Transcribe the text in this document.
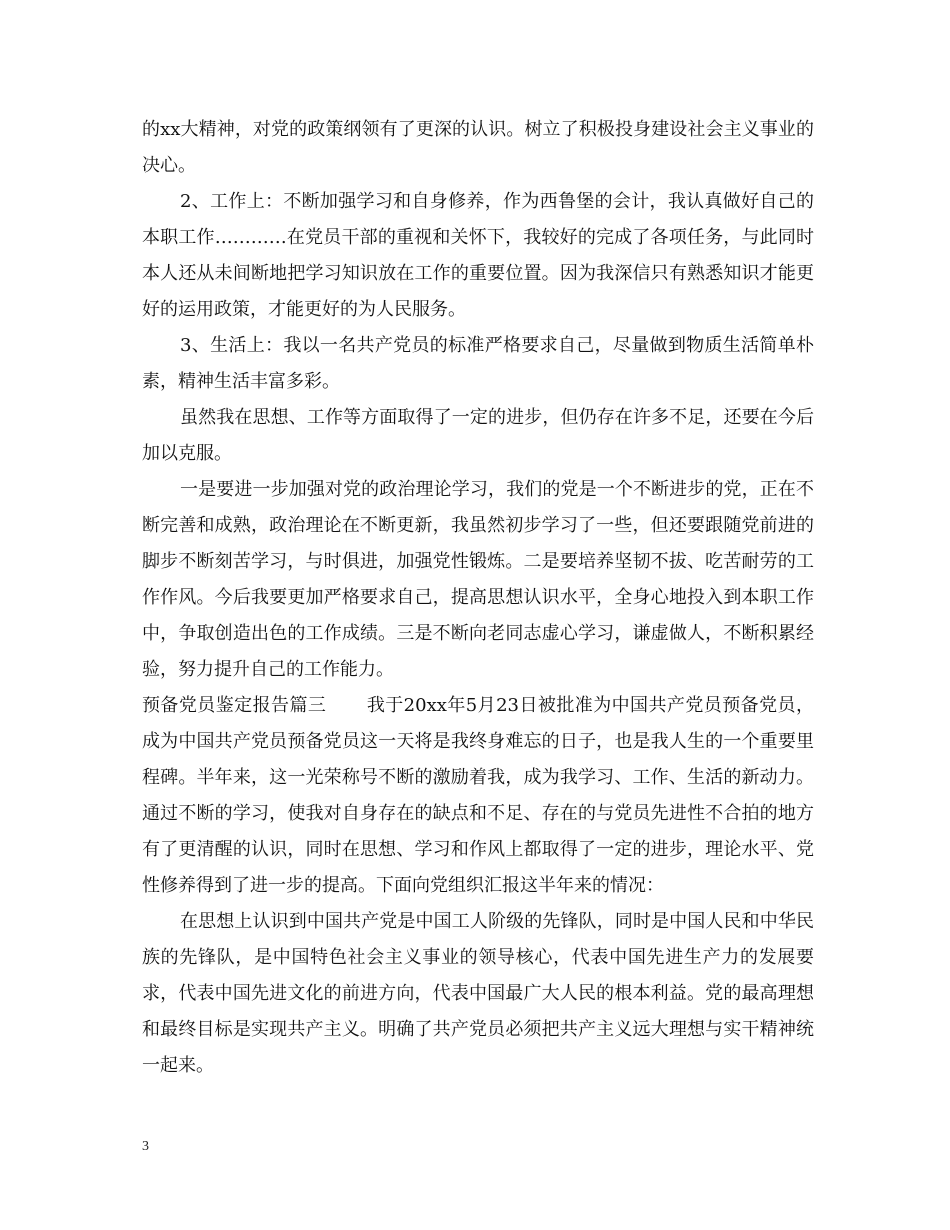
的xx大精神，对党的政策纲领有了更深的认识。树立了积极投身建设社会主义事业的决心。

2、工作上：不断加强学习和自身修养，作为西鲁堡的会计，我认真做好自己的本职工作…………在党员干部的重视和关怀下，我较好的完成了各项任务，与此同时本人还从未间断地把学习知识放在工作的重要位置。因为我深信只有熟悉知识才能更好的运用政策，才能更好的为人民服务。

3、生活上：我以一名共产党员的标准严格要求自己，尽量做到物质生活简单朴素，精神生活丰富多彩。

虽然我在思想、工作等方面取得了一定的进步，但仍存在许多不足，还要在今后加以克服。

一是要进一步加强对党的政治理论学习，我们的党是一个不断进步的党，正在不断完善和成熟，政治理论在不断更新，我虽然初步学习了一些，但还要跟随党前进的脚步不断刻苦学习，与时俱进，加强党性锻炼。二是要培养坚韧不拔、吃苦耐劳的工作作风。今后我要更加严格要求自己，提高思想认识水平，全身心地投入到本职工作中，争取创造出色的工作成绩。三是不断向老同志虚心学习，谦虚做人，不断积累经验，努力提升自己的工作能力。

预备党员鉴定报告篇三 我于20xx年5月23日被批准为中国共产党员预备党员，成为中国共产党员预备党员这一天将是我终身难忘的日子，也是我人生的一个重要里程碑。半年来，这一光荣称号不断的激励着我，成为我学习、工作、生活的新动力。通过不断的学习，使我对自身存在的缺点和不足、存在的与党员先进性不合拍的地方有了更清醒的认识，同时在思想、学习和作风上都取得了一定的进步，理论水平、党性修养得到了进一步的提高。下面向党组织汇报这半年来的情况：

在思想上认识到中国共产党是中国工人阶级的先锋队，同时是中国人民和中华民族的先锋队，是中国特色社会主义事业的领导核心，代表中国先进生产力的发展要求，代表中国先进文化的前进方向，代表中国最广大人民的根本利益。党的最高理想和最终目标是实现共产主义。明确了共产党员必须把共产主义远大理想与实干精神统一起来。

3
